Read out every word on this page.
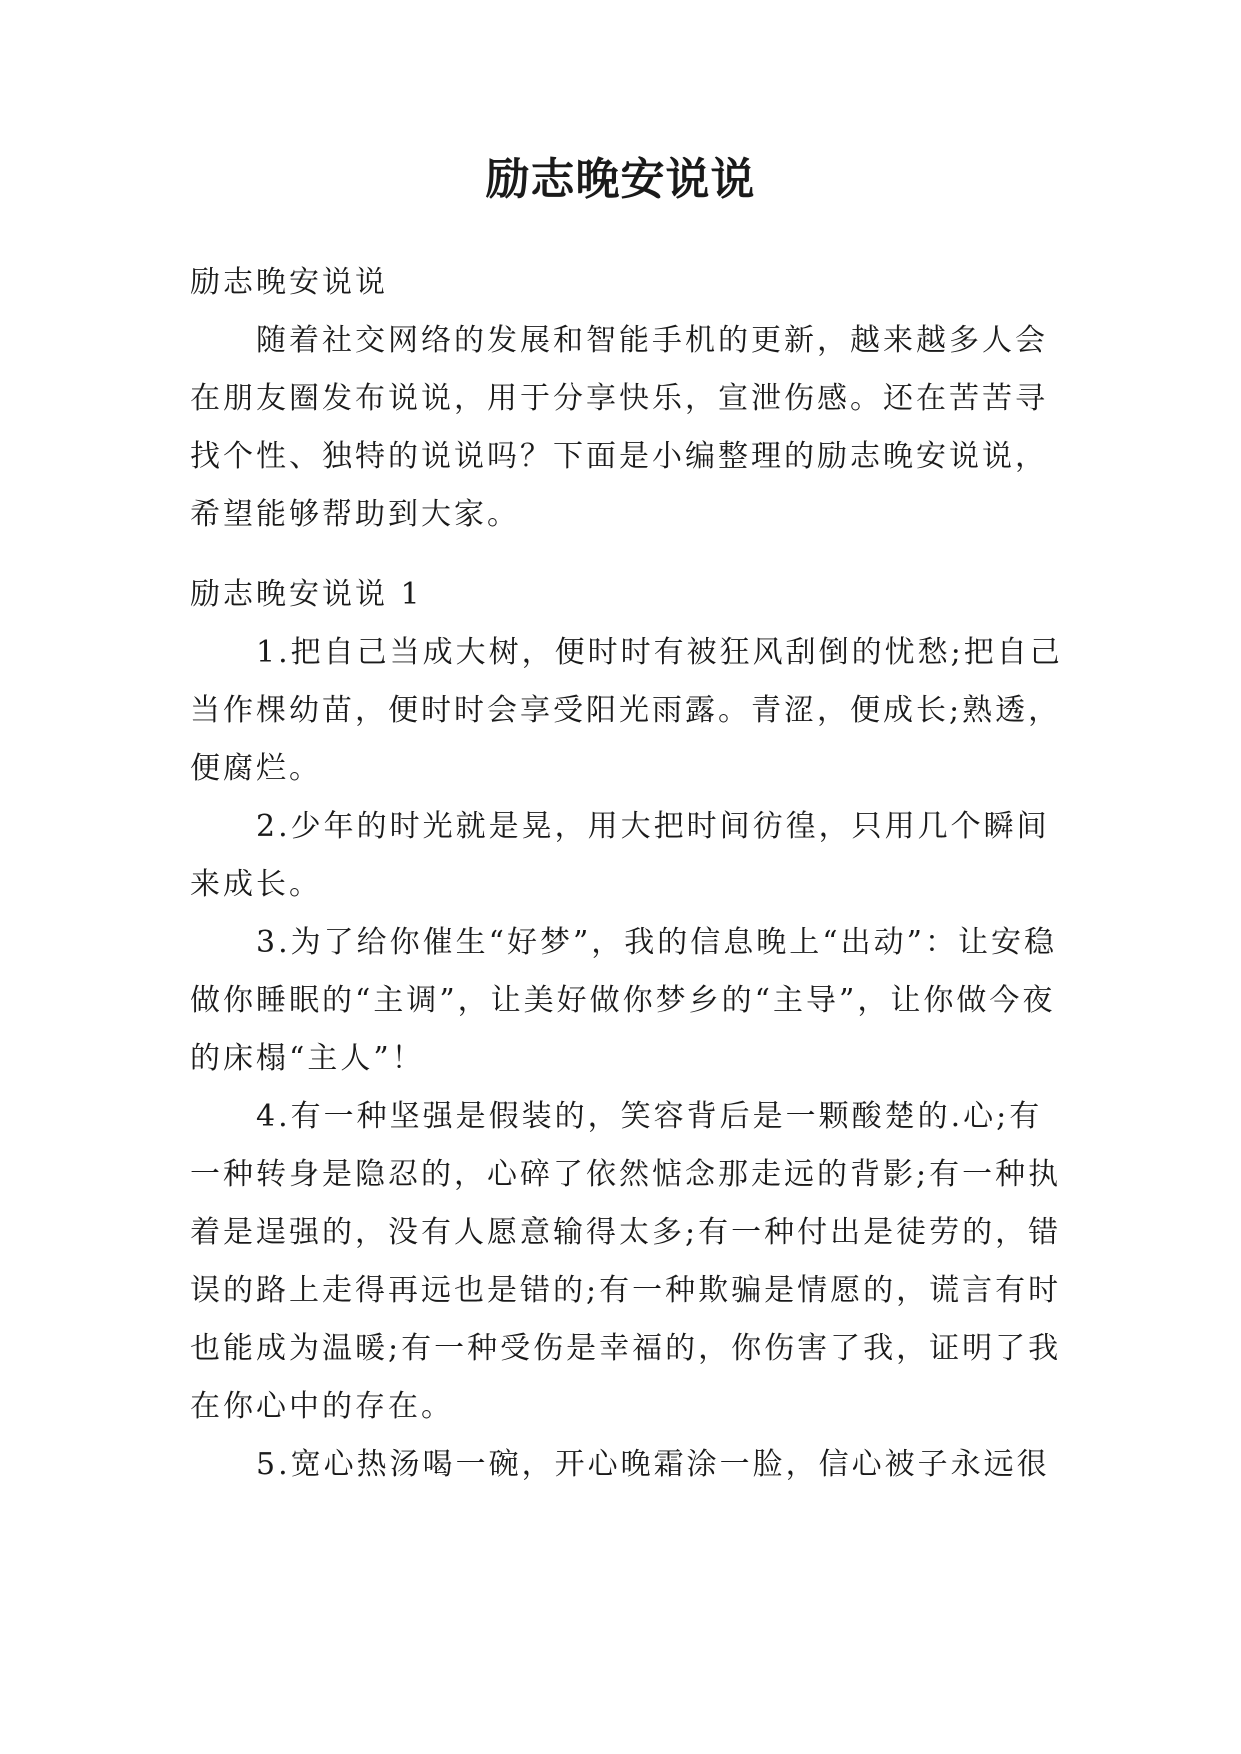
励志晚安说说
励志晚安说说

随着社交网络的发展和智能手机的更新，越来越多人会在朋友圈发布说说，用于分享快乐，宣泄伤感。还在苦苦寻找个性、独特的说说吗？下面是小编整理的励志晚安说说，希望能够帮助到大家。

励志晚安说说 1

1.把自己当成大树，便时时有被狂风刮倒的忧愁;把自己当作棵幼苗，便时时会享受阳光雨露。青涩，便成长;熟透，便腐烂。

2.少年的时光就是晃，用大把时间彷徨，只用几个瞬间来成长。

3.为了给你催生“好梦”，我的信息晚上“出动”：让安稳做你睡眠的“主调”，让美好做你梦乡的“主导”，让你做今夜的床榻“主人”！

4.有一种坚强是假装的，笑容背后是一颗酸楚的.心;有一种转身是隐忍的，心碎了依然惦念那走远的背影;有一种执着是逞强的，没有人愿意输得太多;有一种付出是徒劳的，错误的路上走得再远也是错的;有一种欺骗是情愿的，谎言有时也能成为温暖;有一种受伤是幸福的，你伤害了我，证明了我在你心中的存在。

5.宽心热汤喝一碗，开心晚霜涂一脸，信心被子永远很
